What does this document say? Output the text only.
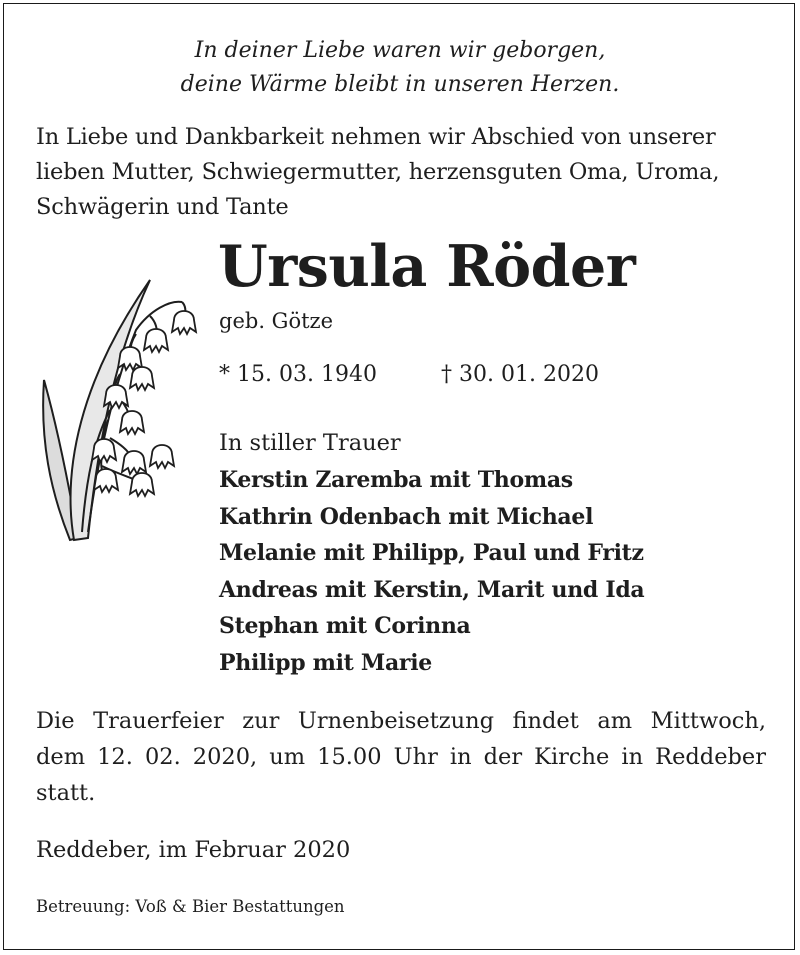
In deiner Liebe waren wir geborgen,
deine Wärme bleibt in unseren Herzen.
In Liebe und Dankbarkeit nehmen wir Abschied von unserer
lieben Mutter, Schwiegermutter, herzensguten Oma, Uroma,
Schwägerin und Tante
Ursula Röder
geb. Götze
* 15. 03. 1940	† 30. 01. 2020
In stiller Trauer
Kerstin Zaremba mit Thomas
Kathrin Odenbach mit Michael
Melanie mit Philipp, Paul und Fritz
Andreas mit Kerstin, Marit und Ida
Stephan mit Corinna
Philipp mit Marie
Die Trauerfeier zur Urnenbeisetzung findet am Mittwoch,
dem 12. 02. 2020, um 15.00 Uhr in der Kirche in Reddeber
statt.
Reddeber, im Februar 2020
Betreuung: Voß & Bier Bestattungen
